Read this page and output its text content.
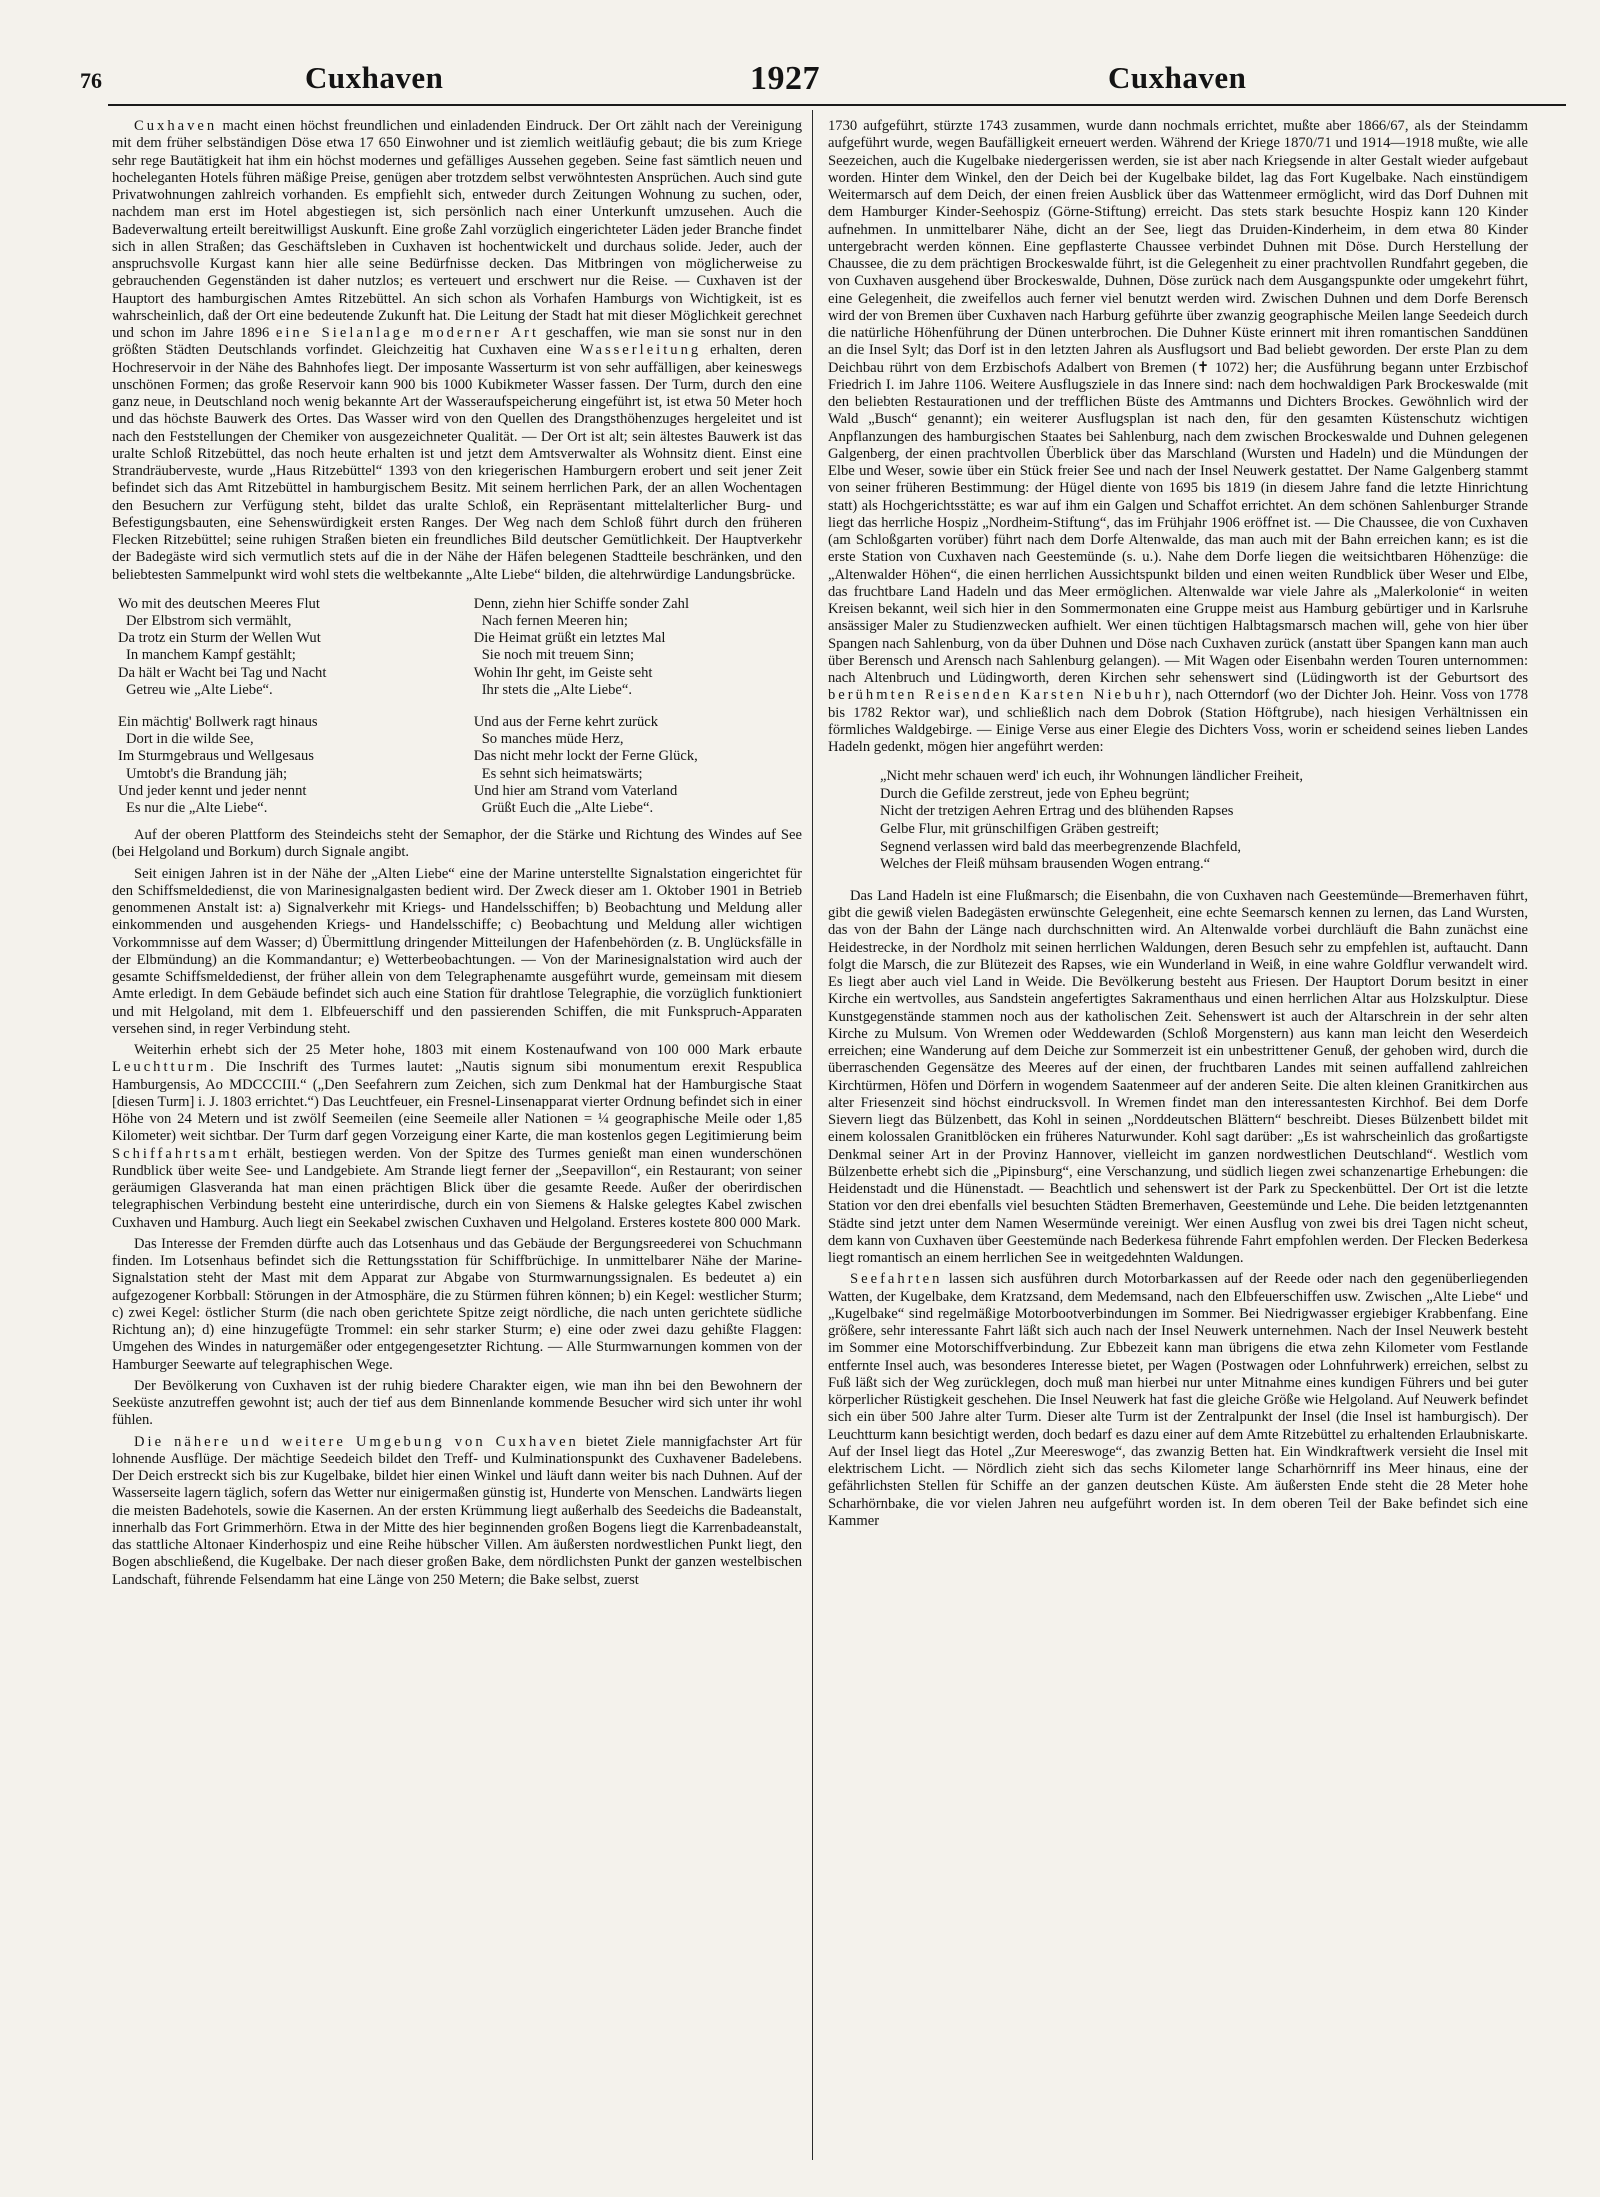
76	Cuxhaven	1927	Cuxhaven

Cuxhaven macht einen höchst freundlichen und einladenden Eindruck. Der Ort zählt nach der Vereinigung mit dem früher selbständigen Döse etwa 17 650 Einwohner und ist ziemlich weitläufig gebaut; die bis zum Kriege sehr rege Bautätigkeit hat ihm ein höchst modernes und gefälliges Aussehen gegeben. Seine fast sämtlich neuen und hocheleganten Hotels führen mäßige Preise, genügen aber trotzdem selbst verwöhntesten Ansprüchen. Auch sind gute Privatwohnungen zahlreich vorhanden. Es empfiehlt sich, entweder durch Zeitungen Wohnung zu suchen, oder, nachdem man erst im Hotel abgestiegen ist, sich persönlich nach einer Unterkunft umzusehen. Auch die Badeverwaltung erteilt bereitwilligst Auskunft. Eine große Zahl vorzüglich eingerichteter Läden jeder Branche findet sich in allen Straßen; das Geschäftsleben in Cuxhaven ist hochentwickelt und durchaus solide. Jeder, auch der anspruchsvolle Kurgast kann hier alle seine Bedürfnisse decken. Das Mitbringen von möglicherweise zu gebrauchenden Gegenständen ist daher nutzlos; es verteuert und erschwert nur die Reise. — Cuxhaven ist der Hauptort des hamburgischen Amtes Ritzebüttel. An sich schon als Vorhafen Hamburgs von Wichtigkeit, ist es wahrscheinlich, daß der Ort eine bedeutende Zukunft hat. Die Leitung der Stadt hat mit dieser Möglichkeit gerechnet und schon im Jahre 1896 eine Sielanlage moderner Art geschaffen, wie man sie sonst nur in den größten Städten Deutschlands vorfindet. Gleichzeitig hat Cuxhaven eine Wasserleitung erhalten, deren Hochreservoir in der Nähe des Bahnhofes liegt. Der imposante Wasserturm ist von sehr auffälligen, aber keineswegs unschönen Formen; das große Reservoir kann 900 bis 1000 Kubikmeter Wasser fassen. Der Turm, durch den eine ganz neue, in Deutschland noch wenig bekannte Art der Wasseraufspeicherung eingeführt ist, ist etwa 50 Meter hoch und das höchste Bauwerk des Ortes. Das Wasser wird von den Quellen des Drangsthöhenzuges hergeleitet und ist nach den Feststellungen der Chemiker von ausgezeichneter Qualität. — Der Ort ist alt; sein ältestes Bauwerk ist das uralte Schloß Ritzebüttel, das noch heute erhalten ist und jetzt dem Amtsverwalter als Wohnsitz dient. Einst eine Strandräuberveste, wurde „Haus Ritzebüttel“ 1393 von den kriegerischen Hamburgern erobert und seit jener Zeit befindet sich das Amt Ritzebüttel in hamburgischem Besitz. Mit seinem herrlichen Park, der an allen Wochentagen den Besuchern zur Verfügung steht, bildet das uralte Schloß, ein Repräsentant mittelalterlicher Burg- und Befestigungsbauten, eine Sehenswürdigkeit ersten Ranges. Der Weg nach dem Schloß führt durch den früheren Flecken Ritzebüttel; seine ruhigen Straßen bieten ein freundliches Bild deutscher Gemütlichkeit. Der Hauptverkehr der Badegäste wird sich vermutlich stets auf die in der Nähe der Häfen belegenen Stadtteile beschränken, und den beliebtesten Sammelpunkt wird wohl stets die weltbekannte „Alte Liebe“ bilden, die altehrwürdige Landungsbrücke.

Wo mit des deutschen Meeres Flut
Der Elbstrom sich vermählt,
Da trotz ein Sturm der Wellen Wut
In manchem Kampf gestählt;
Da hält er Wacht bei Tag und Nacht
Getreu wie „Alte Liebe“.
Ein mächtig' Bollwerk ragt hinaus
Dort in die wilde See,
Im Sturmgebraus und Wellgesaus
Umtobt's die Brandung jäh;
Und jeder kennt und jeder nennt
Es nur die „Alte Liebe“.
Denn, ziehn hier Schiffe sonder Zahl
Nach fernen Meeren hin;
Die Heimat grüßt ein letztes Mal
Sie noch mit treuem Sinn;
Wohin Ihr geht, im Geiste seht
Ihr stets die „Alte Liebe“.
Und aus der Ferne kehrt zurück
So manches müde Herz,
Das nicht mehr lockt der Ferne Glück,
Es sehnt sich heimatswärts;
Und hier am Strand vom Vaterland
Grüßt Euch die „Alte Liebe“.

Auf der oberen Plattform des Steindeichs steht der Semaphor, der die Stärke und Richtung des Windes auf See (bei Helgoland und Borkum) durch Signale angibt.

Seit einigen Jahren ist in der Nähe der „Alten Liebe“ eine der Marine unterstellte Signalstation eingerichtet für den Schiffsmeldedienst, die von Marinesignalgasten bedient wird. Der Zweck dieser am 1. Oktober 1901 in Betrieb genommenen Anstalt ist: a) Signalverkehr mit Kriegs- und Handelsschiffen; b) Beobachtung und Meldung aller einkommenden und ausgehenden Kriegs- und Handelsschiffe; c) Beobachtung und Meldung aller wichtigen Vorkommnisse auf dem Wasser; d) Übermittlung dringender Mitteilungen der Hafenbehörden (z. B. Unglücksfälle in der Elbmündung) an die Kommandantur; e) Wetterbeobachtungen. — Von der Marinesignalstation wird auch der gesamte Schiffsmeldedienst, der früher allein von dem Telegraphenamte ausgeführt wurde, gemeinsam mit diesem Amte erledigt. In dem Gebäude befindet sich auch eine Station für drahtlose Telegraphie, die vorzüglich funktioniert und mit Helgoland, mit dem 1. Elbfeuerschiff und den passierenden Schiffen, die mit Funkspruch-Apparaten versehen sind, in reger Verbindung steht.

Weiterhin erhebt sich der 25 Meter hohe, 1803 mit einem Kostenaufwand von 100 000 Mark erbaute Leuchtturm. Die Inschrift des Turmes lautet: „Nautis signum sibi monumentum erexit Respublica Hamburgensis, Ao MDCCCIII.“ („Den Seefahrern zum Zeichen, sich zum Denkmal hat der Hamburgische Staat [diesen Turm] i. J. 1803 errichtet.“) Das Leuchtfeuer, ein Fresnel-Linsenapparat vierter Ordnung befindet sich in einer Höhe von 24 Metern und ist zwölf Seemeilen (eine Seemeile aller Nationen = ¼ geographische Meile oder 1,85 Kilometer) weit sichtbar. Der Turm darf gegen Vorzeigung einer Karte, die man kostenlos gegen Legitimierung beim Schiffahrtsamt erhält, bestiegen werden. Von der Spitze des Turmes genießt man einen wunderschönen Rundblick über weite See- und Landgebiete. Am Strande liegt ferner der „Seepavillon“, ein Restaurant; von seiner geräumigen Glasveranda hat man einen prächtigen Blick über die gesamte Reede. Außer der oberirdischen telegraphischen Verbindung besteht eine unterirdische, durch ein von Siemens & Halske gelegtes Kabel zwischen Cuxhaven und Hamburg. Auch liegt ein Seekabel zwischen Cuxhaven und Helgoland. Ersteres kostete 800 000 Mark.

Das Interesse der Fremden dürfte auch das Lotsenhaus und das Gebäude der Bergungsreederei von Schuchmann finden. Im Lotsenhaus befindet sich die Rettungsstation für Schiffbrüchige. In unmittelbarer Nähe der Marine-Signalstation steht der Mast mit dem Apparat zur Abgabe von Sturmwarnungssignalen. Es bedeutet a) ein aufgezogener Korbball: Störungen in der Atmosphäre, die zu Stürmen führen können; b) ein Kegel: westlicher Sturm; c) zwei Kegel: östlicher Sturm (die nach oben gerichtete Spitze zeigt nördliche, die nach unten gerichtete südliche Richtung an); d) eine hinzugefügte Trommel: ein sehr starker Sturm; e) eine oder zwei dazu gehißte Flaggen: Umgehen des Windes in naturgemäßer oder entgegengesetzter Richtung. — Alle Sturmwarnungen kommen von der Hamburger Seewarte auf telegraphischen Wege.

Der Bevölkerung von Cuxhaven ist der ruhig biedere Charakter eigen, wie man ihn bei den Bewohnern der Seeküste anzutreffen gewohnt ist; auch der tief aus dem Binnenlande kommende Besucher wird sich unter ihr wohl fühlen.

Die nähere und weitere Umgebung von Cuxhaven bietet Ziele mannigfachster Art für lohnende Ausflüge. Der mächtige Seedeich bildet den Treff- und Kulminationspunkt des Cuxhavener Badelebens. Der Deich erstreckt sich bis zur Kugelbake, bildet hier einen Winkel und läuft dann weiter bis nach Duhnen. Auf der Wasserseite lagern täglich, sofern das Wetter nur einigermaßen günstig ist, Hunderte von Menschen. Landwärts liegen die meisten Badehotels, sowie die Kasernen. An der ersten Krümmung liegt außerhalb des Seedeichs die Badeanstalt, innerhalb das Fort Grimmerhörn. Etwa in der Mitte des hier beginnenden großen Bogens liegt die Karrenbadeanstalt, das stattliche Altonaer Kinderhospiz und eine Reihe hübscher Villen. Am äußersten nordwestlichen Punkt liegt, den Bogen abschließend, die Kugelbake. Der nach dieser großen Bake, dem nördlichsten Punkt der ganzen westelbischen Landschaft, führende Felsendamm hat eine Länge von 250 Metern; die Bake selbst, zuerst

1730 aufgeführt, stürzte 1743 zusammen, wurde dann nochmals errichtet, mußte aber 1866/67, als der Steindamm aufgeführt wurde, wegen Baufälligkeit erneuert werden. Während der Kriege 1870/71 und 1914—1918 mußte, wie alle Seezeichen, auch die Kugelbake niedergerissen werden, sie ist aber nach Kriegsende in alter Gestalt wieder aufgebaut worden. Hinter dem Winkel, den der Deich bei der Kugelbake bildet, lag das Fort Kugelbake. Nach einstündigem Weitermarsch auf dem Deich, der einen freien Ausblick über das Wattenmeer ermöglicht, wird das Dorf Duhnen mit dem Hamburger Kinder-Seehospiz (Görne-Stiftung) erreicht. Das stets stark besuchte Hospiz kann 120 Kinder aufnehmen. In unmittelbarer Nähe, dicht an der See, liegt das Druiden-Kinderheim, in dem etwa 80 Kinder untergebracht werden können. Eine gepflasterte Chaussee verbindet Duhnen mit Döse. Durch Herstellung der Chaussee, die zu dem prächtigen Brockeswalde führt, ist die Gelegenheit zu einer prachtvollen Rundfahrt gegeben, die von Cuxhaven ausgehend über Brockeswalde, Duhnen, Döse zurück nach dem Ausgangspunkte oder umgekehrt führt, eine Gelegenheit, die zweifellos auch ferner viel benutzt werden wird. Zwischen Duhnen und dem Dorfe Berensch wird der von Bremen über Cuxhaven nach Harburg geführte über zwanzig geographische Meilen lange Seedeich durch die natürliche Höhenführung der Dünen unterbrochen. Die Duhner Küste erinnert mit ihren romantischen Sanddünen an die Insel Sylt; das Dorf ist in den letzten Jahren als Ausflugsort und Bad beliebt geworden. Der erste Plan zu dem Deichbau rührt von dem Erzbischofs Adalbert von Bremen (✝ 1072) her; die Ausführung begann unter Erzbischof Friedrich I. im Jahre 1106. Weitere Ausflugsziele in das Innere sind: nach dem hochwaldigen Park Brockeswalde (mit den beliebten Restaurationen und der trefflichen Büste des Amtmanns und Dichters Brockes. Gewöhnlich wird der Wald „Busch“ genannt); ein weiterer Ausflugsplan ist nach den, für den gesamten Küstenschutz wichtigen Anpflanzungen des hamburgischen Staates bei Sahlenburg, nach dem zwischen Brockeswalde und Duhnen gelegenen Galgenberg, der einen prachtvollen Überblick über das Marschland (Wursten und Hadeln) und die Mündungen der Elbe und Weser, sowie über ein Stück freier See und nach der Insel Neuwerk gestattet. Der Name Galgenberg stammt von seiner früheren Bestimmung: der Hügel diente von 1695 bis 1819 (in diesem Jahre fand die letzte Hinrichtung statt) als Hochgerichtsstätte; es war auf ihm ein Galgen und Schaffot errichtet. An dem schönen Sahlenburger Strande liegt das herrliche Hospiz „Nordheim-Stiftung“, das im Frühjahr 1906 eröffnet ist. — Die Chaussee, die von Cuxhaven (am Schloßgarten vorüber) führt nach dem Dorfe Altenwalde, das man auch mit der Bahn erreichen kann; es ist die erste Station von Cuxhaven nach Geestemünde (s. u.). Nahe dem Dorfe liegen die weitsichtbaren Höhenzüge: die „Altenwalder Höhen“, die einen herrlichen Aussichtspunkt bilden und einen weiten Rundblick über Weser und Elbe, das fruchtbare Land Hadeln und das Meer ermöglichen. Altenwalde war viele Jahre als „Malerkolonie“ in weiten Kreisen bekannt, weil sich hier in den Sommermonaten eine Gruppe meist aus Hamburg gebürtiger und in Karlsruhe ansässiger Maler zu Studienzwecken aufhielt. Wer einen tüchtigen Halbtagsmarsch machen will, gehe von hier über Spangen nach Sahlenburg, von da über Duhnen und Döse nach Cuxhaven zurück (anstatt über Spangen kann man auch über Berensch und Arensch nach Sahlenburg gelangen). — Mit Wagen oder Eisenbahn werden Touren unternommen: nach Altenbruch und Lüdingworth, deren Kirchen sehr sehenswert sind (Lüdingworth ist der Geburtsort des berühmten Reisenden Karsten Niebuhr), nach Otterndorf (wo der Dichter Joh. Heinr. Voss von 1778 bis 1782 Rektor war), und schließlich nach dem Dobrok (Station Höftgrube), nach hiesigen Verhältnissen ein förmliches Waldgebirge. — Einige Verse aus einer Elegie des Dichters Voss, worin er scheidend seines lieben Landes Hadeln gedenkt, mögen hier angeführt werden:

„Nicht mehr schauen werd' ich euch, ihr Wohnungen ländlicher Freiheit,
Durch die Gefilde zerstreut, jede von Epheu begrünt;
Nicht der tretzigen Aehren Ertrag und des blühenden Rapses
Gelbe Flur, mit grünschilfigen Gräben gestreift;
Segnend verlassen wird bald das meerbegrenzende Blachfeld,
Welches der Fleiß mühsam brausenden Wogen entrang.“

Das Land Hadeln ist eine Flußmarsch; die Eisenbahn, die von Cuxhaven nach Geestemünde—Bremerhaven führt, gibt die gewiß vielen Badegästen erwünschte Gelegenheit, eine echte Seemarsch kennen zu lernen, das Land Wursten, das von der Bahn der Länge nach durchschnitten wird. An Altenwalde vorbei durchläuft die Bahn zunächst eine Heidestrecke, in der Nordholz mit seinen herrlichen Waldungen, deren Besuch sehr zu empfehlen ist, auftaucht. Dann folgt die Marsch, die zur Blütezeit des Rapses, wie ein Wunderland in Weiß, in eine wahre Goldflur verwandelt wird. Es liegt aber auch viel Land in Weide. Die Bevölkerung besteht aus Friesen. Der Hauptort Dorum besitzt in einer Kirche ein wertvolles, aus Sandstein angefertigtes Sakramenthaus und einen herrlichen Altar aus Holzskulptur. Diese Kunstgegenstände stammen noch aus der katholischen Zeit. Sehenswert ist auch der Altarschrein in der sehr alten Kirche zu Mulsum. Von Wremen oder Weddewarden (Schloß Morgenstern) aus kann man leicht den Weserdeich erreichen; eine Wanderung auf dem Deiche zur Sommerzeit ist ein unbestrittener Genuß, der gehoben wird, durch die überraschenden Gegensätze des Meeres auf der einen, der fruchtbaren Landes mit seinen auffallend zahlreichen Kirchtürmen, Höfen und Dörfern in wogendem Saatenmeer auf der anderen Seite. Die alten kleinen Granitkirchen aus alter Friesenzeit sind höchst eindrucksvoll. In Wremen findet man den interessantesten Kirchhof. Bei dem Dorfe Sievern liegt das Bülzenbett, das Kohl in seinen „Norddeutschen Blättern“ beschreibt. Dieses Bülzenbett bildet mit einem kolossalen Granitblöcken ein früheres Naturwunder. Kohl sagt darüber: „Es ist wahrscheinlich das großartigste Denkmal seiner Art in der Provinz Hannover, vielleicht im ganzen nordwestlichen Deutschland“. Westlich vom Bülzenbette erhebt sich die „Pipinsburg“, eine Verschanzung, und südlich liegen zwei schanzenartige Erhebungen: die Heidenstadt und die Hünenstadt. — Beachtlich und sehenswert ist der Park zu Speckenbüttel. Der Ort ist die letzte Station vor den drei ebenfalls viel besuchten Städten Bremerhaven, Geestemünde und Lehe. Die beiden letztgenannten Städte sind jetzt unter dem Namen Wesermünde vereinigt. Wer einen Ausflug von zwei bis drei Tagen nicht scheut, dem kann von Cuxhaven über Geestemünde nach Bederkesa führende Fahrt empfohlen werden. Der Flecken Bederkesa liegt romantisch an einem herrlichen See in weitgedehnten Waldungen.

Seefahrten lassen sich ausführen durch Motorbarkassen auf der Reede oder nach den gegenüberliegenden Watten, der Kugelbake, dem Kratzsand, dem Medemsand, nach den Elbfeuerschiffen usw. Zwischen „Alte Liebe“ und „Kugelbake“ sind regelmäßige Motorbootverbindungen im Sommer. Bei Niedrigwasser ergiebiger Krabbenfang. Eine größere, sehr interessante Fahrt läßt sich auch nach der Insel Neuwerk unternehmen. Nach der Insel Neuwerk besteht im Sommer eine Motorschiffverbindung. Zur Ebbezeit kann man übrigens die etwa zehn Kilometer vom Festlande entfernte Insel auch, was besonderes Interesse bietet, per Wagen (Postwagen oder Lohnfuhrwerk) erreichen, selbst zu Fuß läßt sich der Weg zurücklegen, doch muß man hierbei nur unter Mitnahme eines kundigen Führers und bei guter körperlicher Rüstigkeit geschehen. Die Insel Neuwerk hat fast die gleiche Größe wie Helgoland. Auf Neuwerk befindet sich ein über 500 Jahre alter Turm. Dieser alte Turm ist der Zentralpunkt der Insel (die Insel ist hamburgisch). Der Leuchtturm kann besichtigt werden, doch bedarf es dazu einer auf dem Amte Ritzebüttel zu erhaltenden Erlaubniskarte. Auf der Insel liegt das Hotel „Zur Meereswoge“, das zwanzig Betten hat. Ein Windkraftwerk versieht die Insel mit elektrischem Licht. — Nördlich zieht sich das sechs Kilometer lange Scharhörnriff ins Meer hinaus, eine der gefährlichsten Stellen für Schiffe an der ganzen deutschen Küste. Am äußersten Ende steht die 28 Meter hohe Scharhörnbake, die vor vielen Jahren neu aufgeführt worden ist. In dem oberen Teil der Bake befindet sich eine Kammer
